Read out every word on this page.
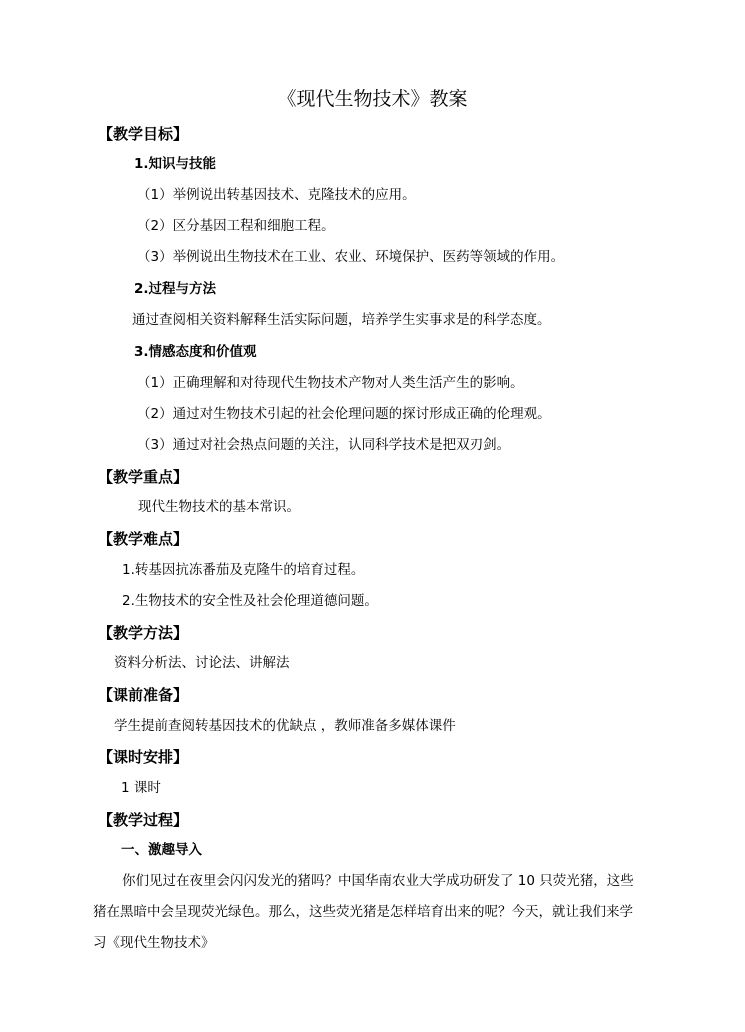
《现代生物技术》教案
【教学目标】
1.知识与技能
（1）举例说出转基因技术、克隆技术的应用。
（2）区分基因工程和细胞工程。
（3）举例说出生物技术在工业、农业、环境保护、医药等领域的作用。
2.过程与方法
通过查阅相关资料解释生活实际问题，培养学生实事求是的科学态度。
3.情感态度和价值观
（1）正确理解和对待现代生物技术产物对人类生活产生的影响。
（2）通过对生物技术引起的社会伦理问题的探讨形成正确的伦理观。
（3）通过对社会热点问题的关注，认同科学技术是把双刃剑。
【教学重点】
现代生物技术的基本常识。
【教学难点】
1.转基因抗冻番茄及克隆牛的培育过程。
2.生物技术的安全性及社会伦理道德问题。
【教学方法】
资料分析法、讨论法、讲解法
【课前准备】
学生提前查阅转基因技术的优缺点 ，教师准备多媒体课件
【课时安排】
1 课时
【教学过程】
一、激趣导入
你们见过在夜里会闪闪发光的猪吗？中国华南农业大学成功研发了 10 只荧光猪，这些
猪在黑暗中会呈现荧光绿色。那么，这些荧光猪是怎样培育出来的呢？今天，就让我们来学
习《现代生物技术》
